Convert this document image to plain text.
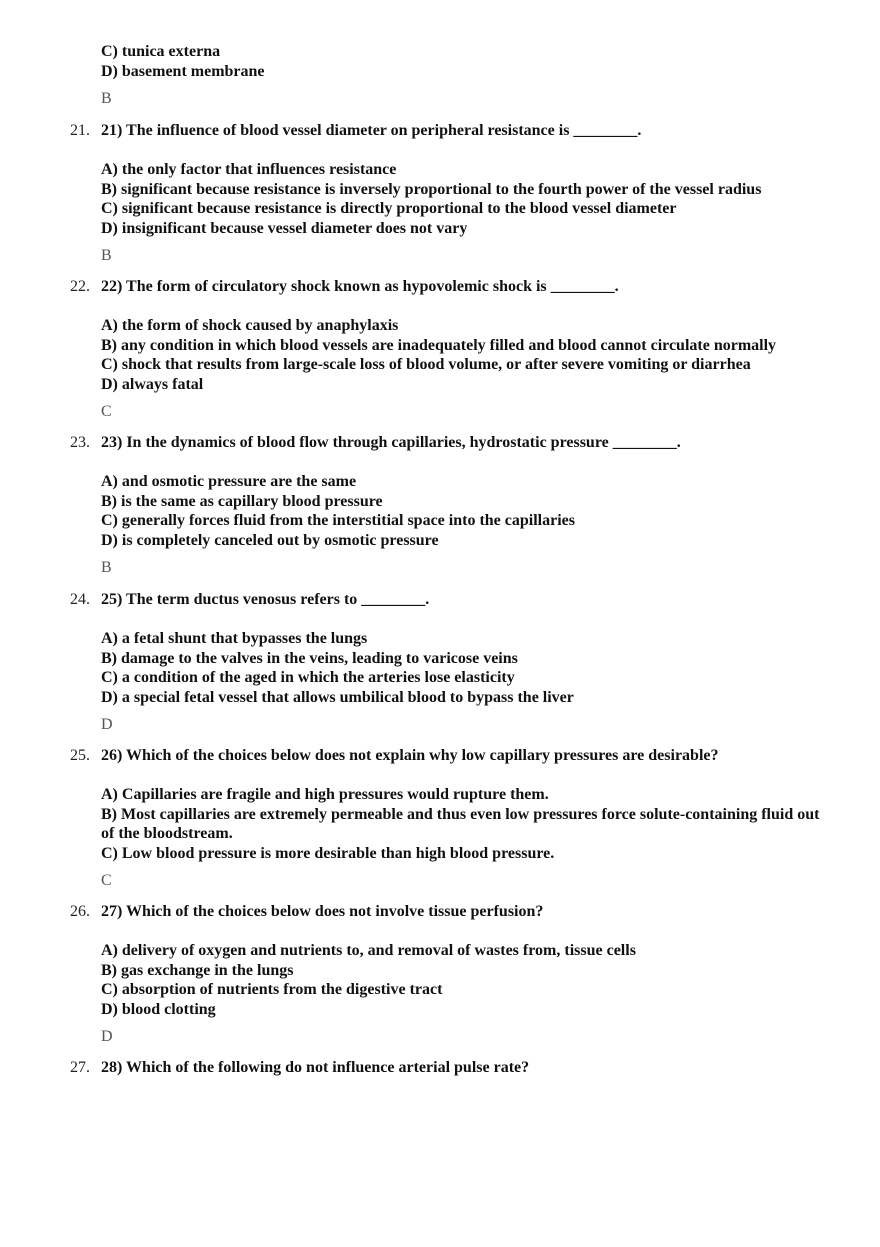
C) tunica externa
D) basement membrane
B
21. 21) The influence of blood vessel diameter on peripheral resistance is ________.
A) the only factor that influences resistance
B) significant because resistance is inversely proportional to the fourth power of the vessel radius
C) significant because resistance is directly proportional to the blood vessel diameter
D) insignificant because vessel diameter does not vary
B
22. 22) The form of circulatory shock known as hypovolemic shock is ________.
A) the form of shock caused by anaphylaxis
B) any condition in which blood vessels are inadequately filled and blood cannot circulate normally
C) shock that results from large-scale loss of blood volume, or after severe vomiting or diarrhea
D) always fatal
C
23. 23) In the dynamics of blood flow through capillaries, hydrostatic pressure ________.
A) and osmotic pressure are the same
B) is the same as capillary blood pressure
C) generally forces fluid from the interstitial space into the capillaries
D) is completely canceled out by osmotic pressure
B
24. 25) The term ductus venosus refers to ________.
A) a fetal shunt that bypasses the lungs
B) damage to the valves in the veins, leading to varicose veins
C) a condition of the aged in which the arteries lose elasticity
D) a special fetal vessel that allows umbilical blood to bypass the liver
D
25. 26) Which of the choices below does not explain why low capillary pressures are desirable?
A) Capillaries are fragile and high pressures would rupture them.
B) Most capillaries are extremely permeable and thus even low pressures force solute-containing fluid out of the bloodstream.
C) Low blood pressure is more desirable than high blood pressure.
C
26. 27) Which of the choices below does not involve tissue perfusion?
A) delivery of oxygen and nutrients to, and removal of wastes from, tissue cells
B) gas exchange in the lungs
C) absorption of nutrients from the digestive tract
D) blood clotting
D
27. 28) Which of the following do not influence arterial pulse rate?
